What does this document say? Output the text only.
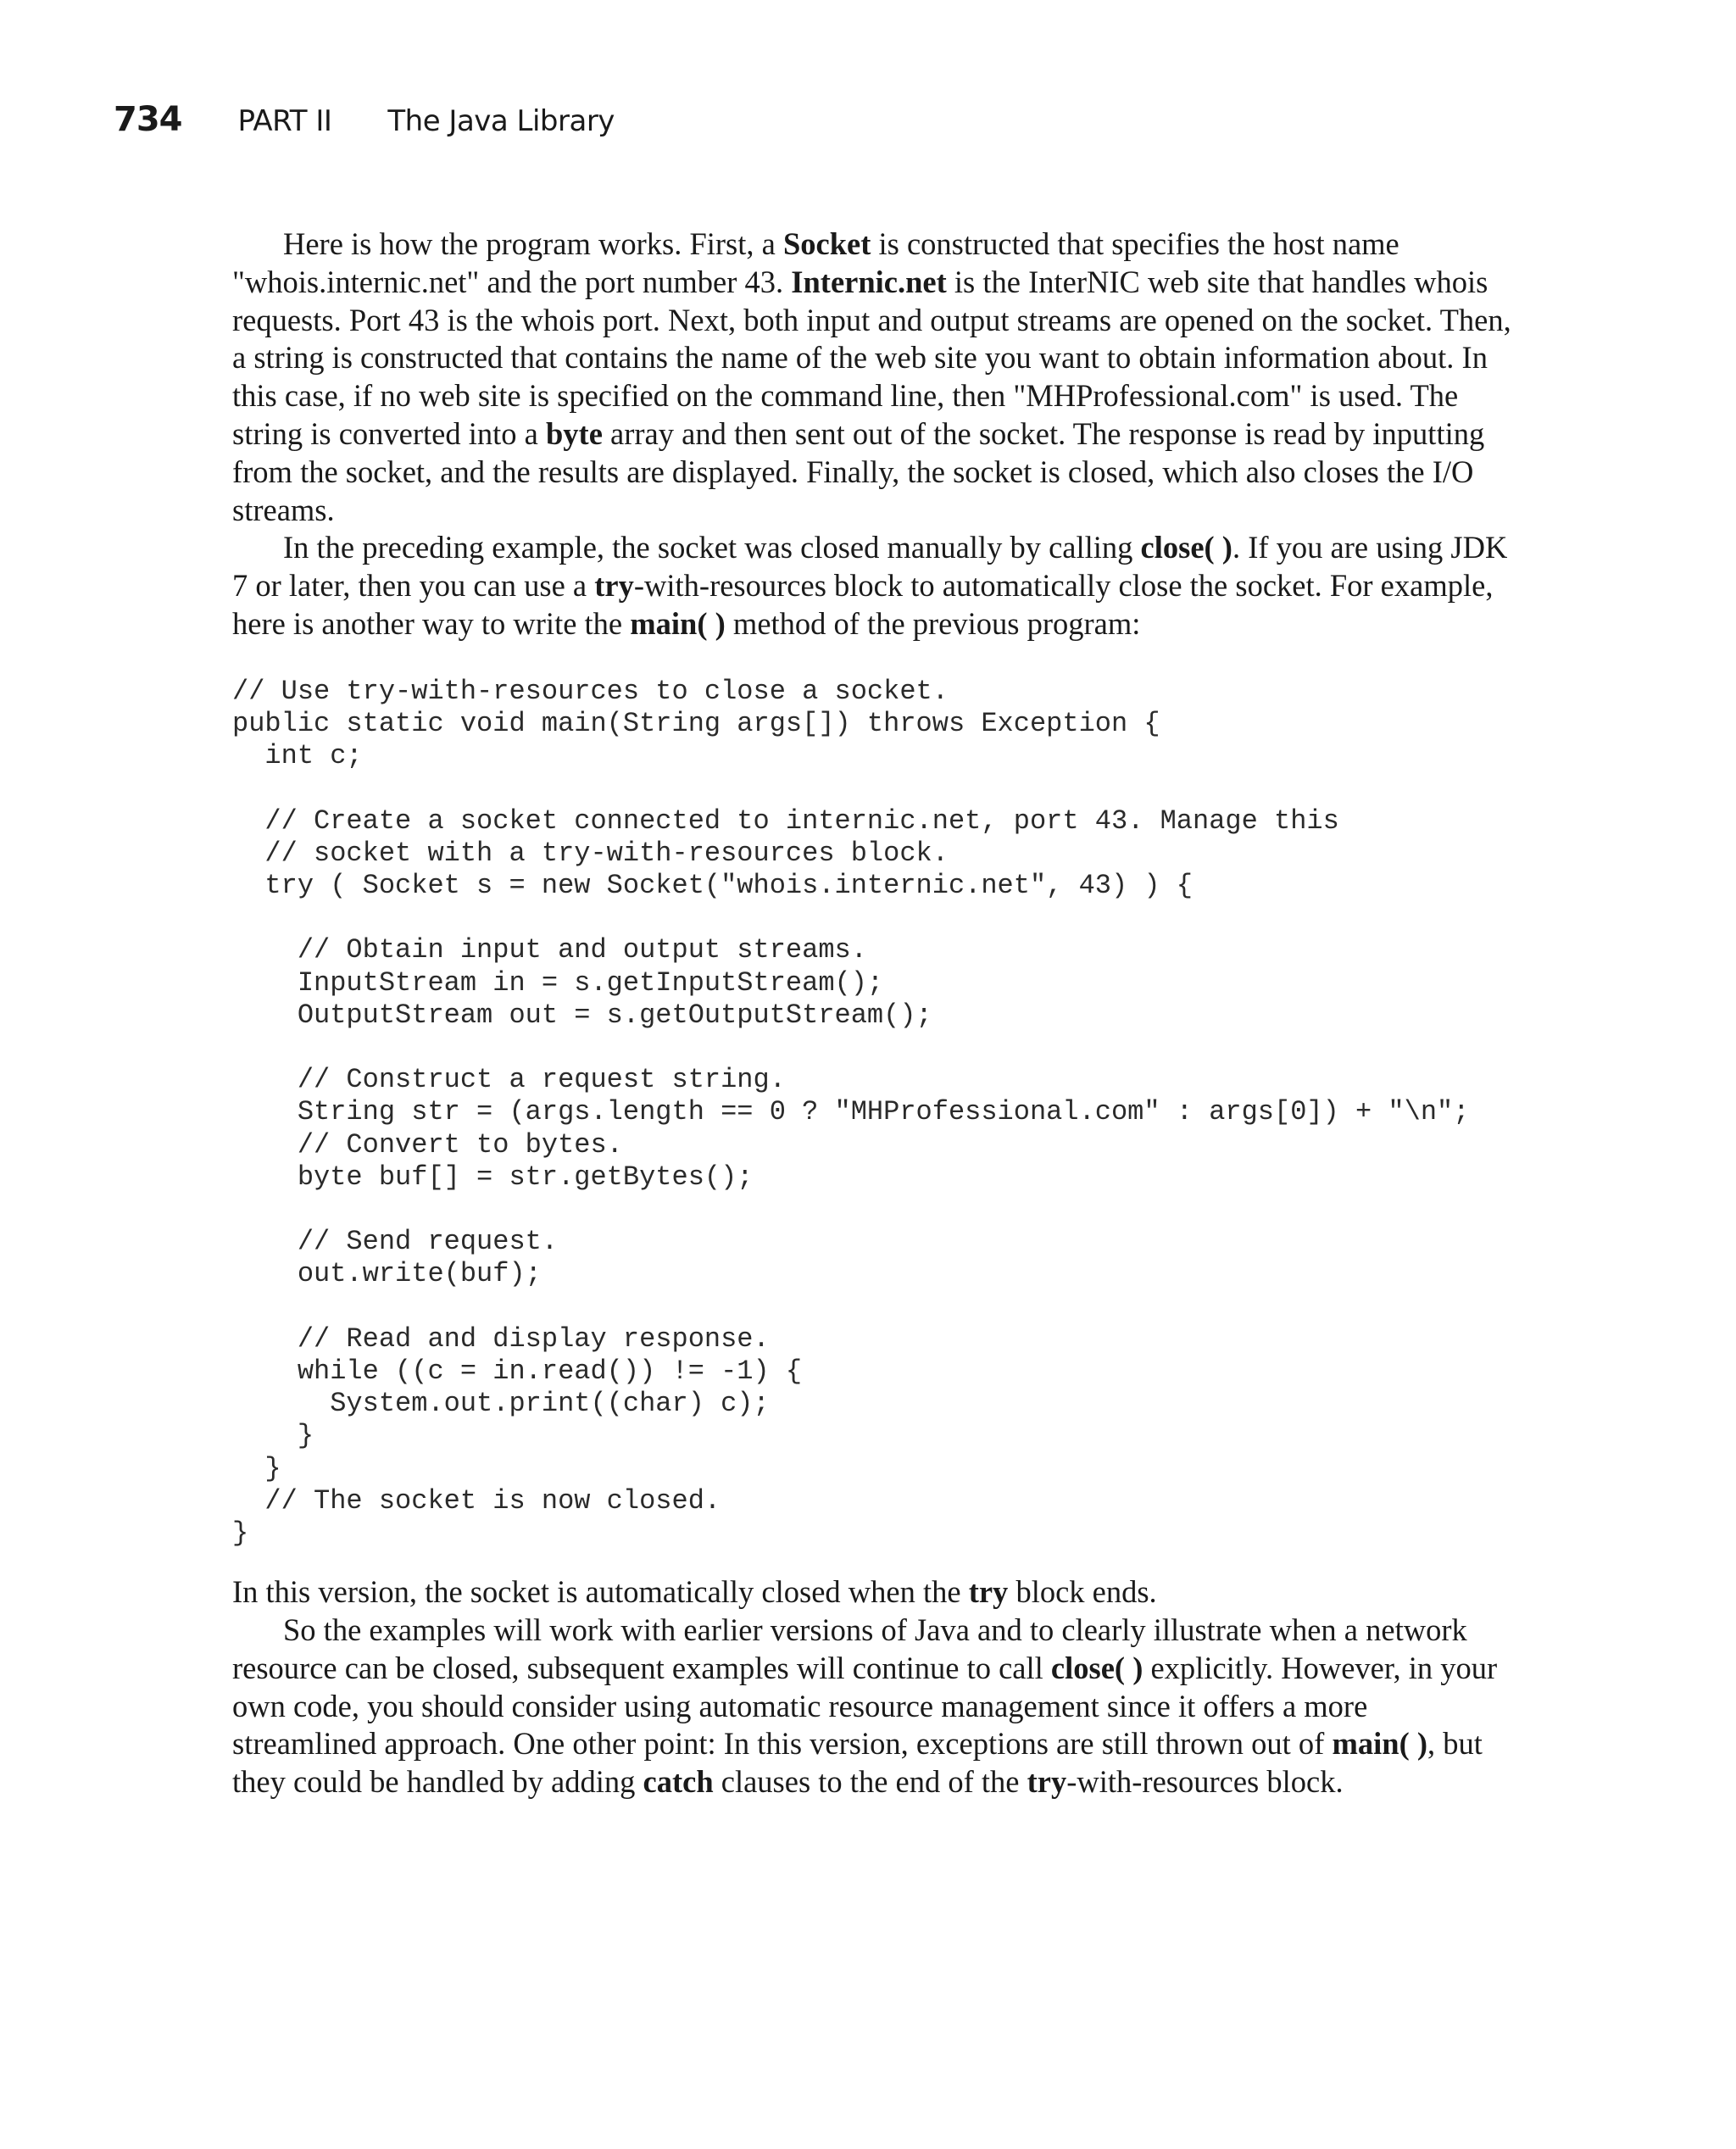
734 PART II The Java Library

Here is how the program works. First, a Socket is constructed that specifies the host name "whois.internic.net" and the port number 43. Internic.net is the InterNIC web site that handles whois requests. Port 43 is the whois port. Next, both input and output streams are opened on the socket. Then, a string is constructed that contains the name of the web site you want to obtain information about. In this case, if no web site is specified on the command line, then "MHProfessional.com" is used. The string is converted into a byte array and then sent out of the socket. The response is read by inputting from the socket, and the results are displayed. Finally, the socket is closed, which also closes the I/O streams.

In the preceding example, the socket was closed manually by calling close( ). If you are using JDK 7 or later, then you can use a try-with-resources block to automatically close the socket. For example, here is another way to write the main( ) method of the previous program:

// Use try-with-resources to close a socket.
public static void main(String args[]) throws Exception {
int c;

// Create a socket connected to internic.net, port 43. Manage this
// socket with a try-with-resources block.
try ( Socket s = new Socket("whois.internic.net", 43) ) {

// Obtain input and output streams.
InputStream in = s.getInputStream();
OutputStream out = s.getOutputStream();

// Construct a request string.
String str = (args.length == 0 ? "MHProfessional.com" : args[0]) + "\n";
// Convert to bytes.
byte buf[] = str.getBytes();

// Send request.
out.write(buf);

// Read and display response.
while ((c = in.read()) != -1) {
System.out.print((char) c);
}
}
// The socket is now closed.
}

In this version, the socket is automatically closed when the try block ends.

So the examples will work with earlier versions of Java and to clearly illustrate when a network resource can be closed, subsequent examples will continue to call close( ) explicitly. However, in your own code, you should consider using automatic resource management since it offers a more streamlined approach. One other point: In this version, exceptions are still thrown out of main( ), but they could be handled by adding catch clauses to the end of the try-with-resources block.
